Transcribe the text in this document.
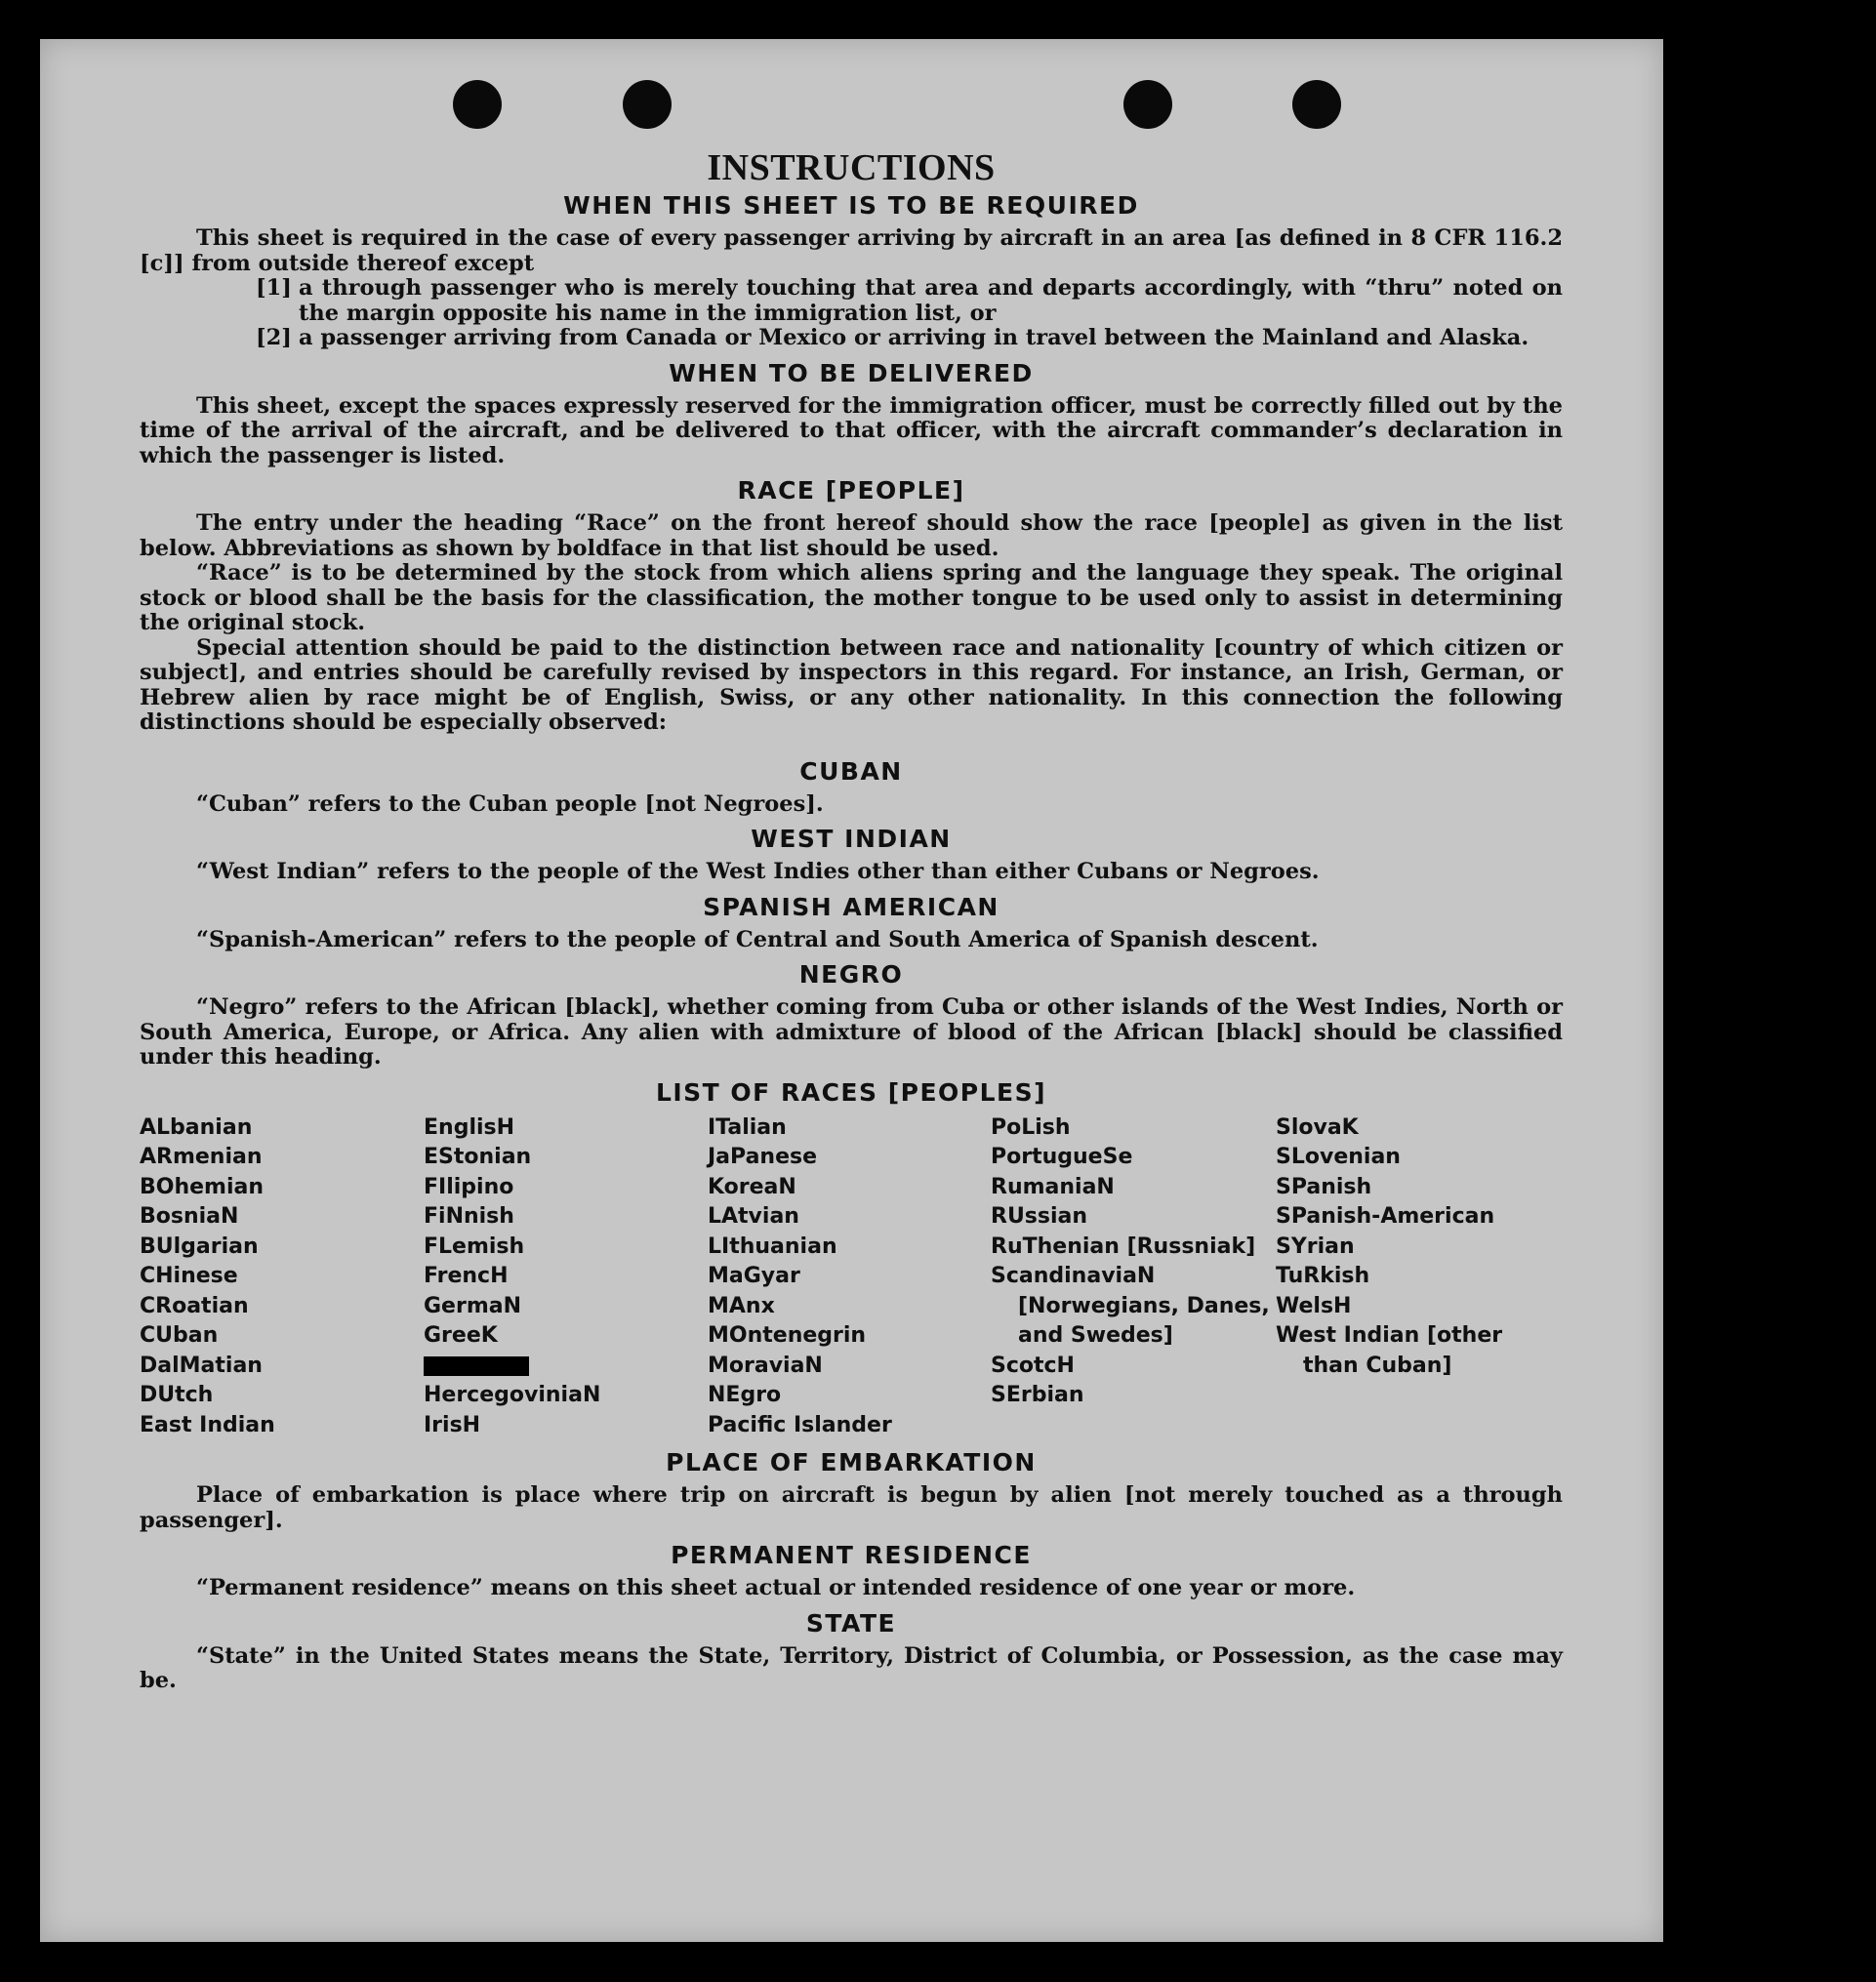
INSTRUCTIONS
WHEN THIS SHEET IS TO BE REQUIRED

This sheet is required in the case of every passenger arriving by aircraft in an area [as defined in 8 CFR 116.2 [c]] from outside thereof except

[1] a through passenger who is merely touching that area and departs accordingly, with “thru” noted on the margin opposite his name in the immigration list, or
[2] a passenger arriving from Canada or Mexico or arriving in travel between the Mainland and Alaska.
WHEN TO BE DELIVERED

This sheet, except the spaces expressly reserved for the immigration officer, must be correctly filled out by the time of the arrival of the aircraft, and be delivered to that officer, with the aircraft commander’s declaration in which the passenger is listed.

RACE [PEOPLE]

The entry under the heading “Race” on the front hereof should show the race [people] as given in the list below. Abbreviations as shown by boldface in that list should be used.

“Race” is to be determined by the stock from which aliens spring and the language they speak. The original stock or blood shall be the basis for the classification, the mother tongue to be used only to assist in determining the original stock.

Special attention should be paid to the distinction between race and nationality [country of which citizen or subject], and entries should be carefully revised by inspectors in this regard. For instance, an Irish, German, or Hebrew alien by race might be of English, Swiss, or any other nationality. In this connection the following distinctions should be especially observed:

CUBAN

“Cuban” refers to the Cuban people [not Negroes].

WEST INDIAN

“West Indian” refers to the people of the West Indies other than either Cubans or Negroes.

SPANISH AMERICAN

“Spanish-American” refers to the people of Central and South America of Spanish descent.

NEGRO

“Negro” refers to the African [black], whether coming from Cuba or other islands of the West Indies, North or South America, Europe, or Africa. Any alien with admixture of blood of the African [black] should be classified under this heading.

LIST OF RACES [PEOPLES]
ALbanian
ARmenian
BOhemian
BosniaN
BUlgarian
CHinese
CRoatian
CUban
DalMatian
DUtch
East Indian
EnglisH
EStonian
FIlipino
FiNnish
FLemish
FrencH
GermaN
GreeK
HercegoviniaN
IrisH
ITalian
JaPanese
KoreaN
LAtvian
LIthuanian
MaGyar
MAnx
MOntenegrin
MoraviaN
NEgro
Pacific Islander
PoLish
PortugueSe
RumaniaN
RUssian
RuThenian [Russniak]
ScandinaviaN [Norwegians, Danes, and Swedes]
ScotcH
SErbian
SlovaK
SLovenian
SPanish
SPanish-American
SYrian
TuRkish
WelsH
West Indian [other than Cuban]
PLACE OF EMBARKATION

Place of embarkation is place where trip on aircraft is begun by alien [not merely touched as a through passenger].

PERMANENT RESIDENCE

“Permanent residence” means on this sheet actual or intended residence of one year or more.

STATE

“State” in the United States means the State, Territory, District of Columbia, or Possession, as the case may be.
